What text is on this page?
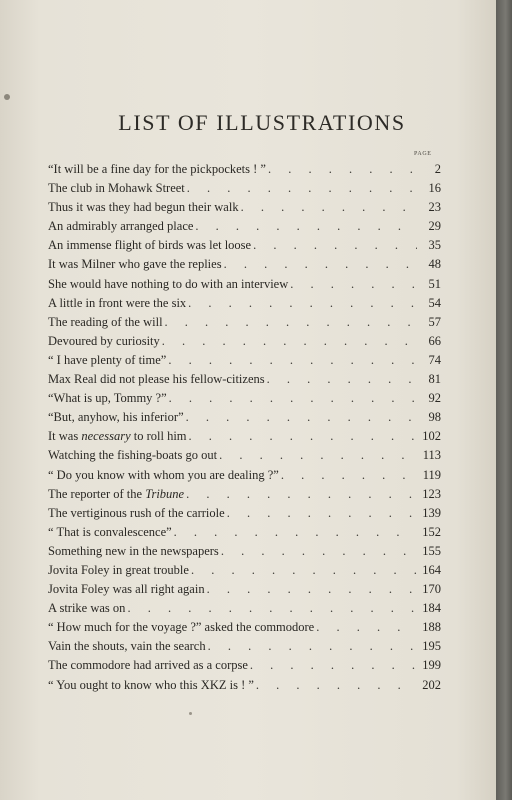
LIST OF ILLUSTRATIONS
PAGE
“It will be a fine day for the pickpockets ! ” . . .	2
The club in Mohawk Street . . .	16
Thus it was they had begun their walk . . .	23
An admirably arranged place . . .	29
An immense flight of birds was let loose . . .	35
It was Milner who gave the replies . . .	48
She would have nothing to do with an interview . . .	51
A little in front were the six . . .	54
The reading of the will . . .	57
Devoured by curiosity . . .	66
“ I have plenty of time” . . .	74
Max Real did not please his fellow-citizens . . .	81
“What is up, Tommy ?” . . .	92
“But, anyhow, his inferior” . . .	98
It was necessary to roll him . . .	102
Watching the fishing-boats go out . . .	113
“ Do you know with whom you are dealing ?” . . .	119
The reporter of the Tribune . . .	123
The vertiginous rush of the carriole . . .	139
“ That is convalescence” . . .	152
Something new in the newspapers . . .	155
Jovita Foley in great trouble . . .	164
Jovita Foley was all right again . . .	170
A strike was on . . .	184
“ How much for the voyage ?” asked the commodore . . .	188
Vain the shouts, vain the search . . .	195
The commodore had arrived as a corpse . . .	199
“ You ought to know who this XKZ is ! ” . . .	202
